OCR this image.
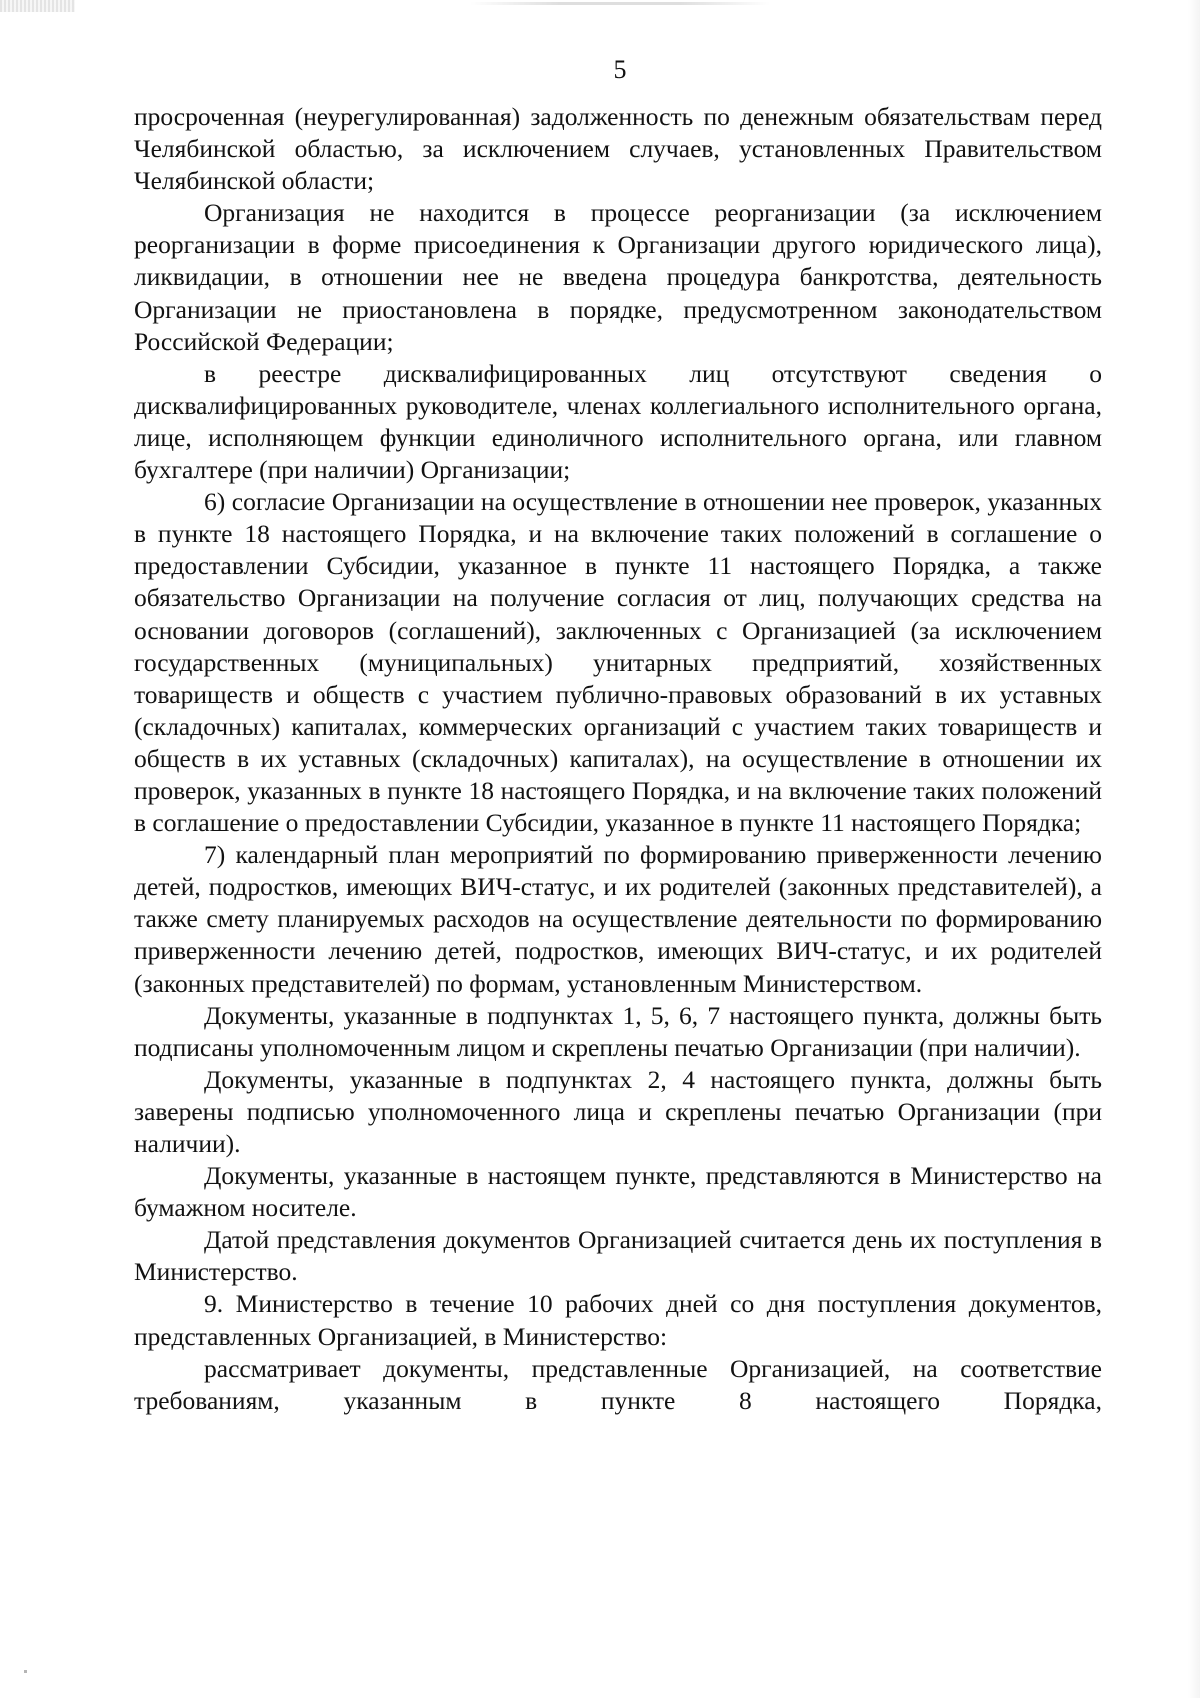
5

просроченная (неурегулированная) задолженность по денежным обязательствам перед Челябинской областью, за исключением случаев, установленных Правительством Челябинской области;

Организация не находится в процессе реорганизации (за исключением реорганизации в форме присоединения к Организации другого юридического лица), ликвидации, в отношении нее не введена процедура банкротства, деятельность Организации не приостановлена в порядке, предусмотренном законодательством Российской Федерации;

в реестре дисквалифицированных лиц отсутствуют сведения о дисквалифицированных руководителе, членах коллегиального исполнительного органа, лице, исполняющем функции единоличного исполнительного органа, или главном бухгалтере (при наличии) Организации;

6) согласие Организации на осуществление в отношении нее проверок, указанных в пункте 18 настоящего Порядка, и на включение таких положений в соглашение о предоставлении Субсидии, указанное в пункте 11 настоящего Порядка, а также обязательство Организации на получение согласия от лиц, получающих средства на основании договоров (соглашений), заключенных с Организацией (за исключением государственных (муниципальных) унитарных предприятий, хозяйственных товариществ и обществ с участием публично-правовых образований в их уставных (складочных) капиталах, коммерческих организаций с участием таких товариществ и обществ в их уставных (складочных) капиталах), на осуществление в отношении их проверок, указанных в пункте 18 настоящего Порядка, и на включение таких положений в соглашение о предоставлении Субсидии, указанное в пункте 11 настоящего Порядка;

7) календарный план мероприятий по формированию приверженности лечению детей, подростков, имеющих ВИЧ-статус, и их родителей (законных представителей), а также смету планируемых расходов на осуществление деятельности по формированию приверженности лечению детей, подростков, имеющих ВИЧ-статус, и их родителей (законных представителей) по формам, установленным Министерством.

Документы, указанные в подпунктах 1, 5, 6, 7 настоящего пункта, должны быть подписаны уполномоченным лицом и скреплены печатью Организации (при наличии).

Документы, указанные в подпунктах 2, 4 настоящего пункта, должны быть заверены подписью уполномоченного лица и скреплены печатью Организации (при наличии).

Документы, указанные в настоящем пункте, представляются в Министерство на бумажном носителе.

Датой представления документов Организацией считается день их поступления в Министерство.

9. Министерство в течение 10 рабочих дней со дня поступления документов, представленных Организацией, в Министерство:

рассматривает документы, представленные Организацией, на соответствие требованиям, указанным в пункте 8 настоящего Порядка,
